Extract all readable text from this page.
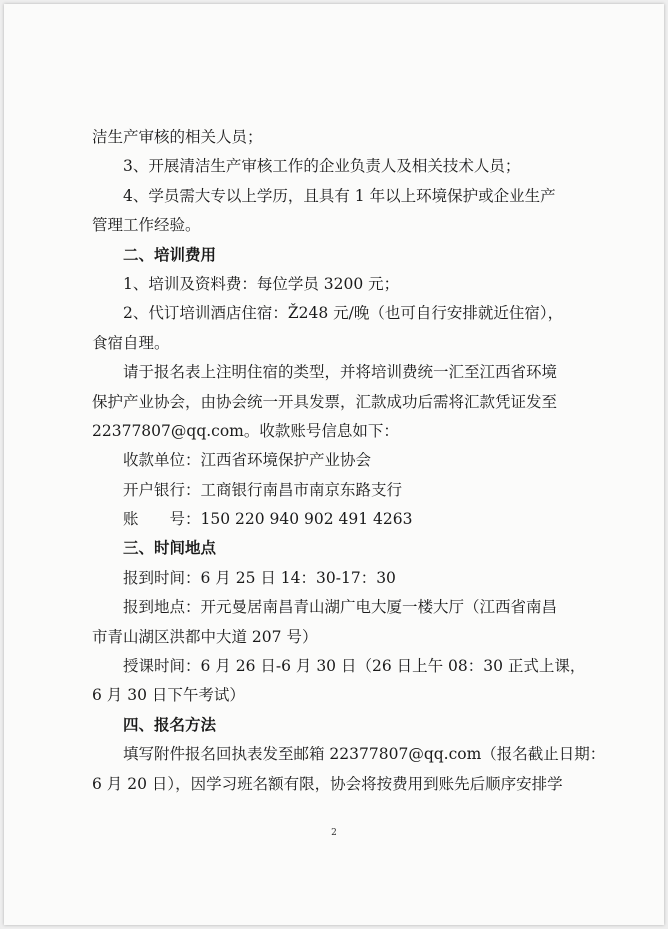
洁生产审核的相关人员；
3、开展清洁生产审核工作的企业负责人及相关技术人员；
4、学员需大专以上学历，且具有 1 年以上环境保护或企业生产
管理工作经验。
二、培训费用
1、培训及资料费：每位学员 3200 元；
2、代订培训酒店住宿：Ž248 元/晚（也可自行安排就近住宿），
食宿自理。
请于报名表上注明住宿的类型，并将培训费统一汇至江西省环境
保护产业协会，由协会统一开具发票，汇款成功后需将汇款凭证发至
22377807@qq.com。收款账号信息如下：
收款单位：江西省环境保护产业协会
开户银行：工商银行南昌市南京东路支行
账　　号：150 220 940 902 491 4263
三、时间地点
报到时间：6 月 25 日 14：30-17：30
报到地点：开元曼居南昌青山湖广电大厦一楼大厅（江西省南昌
市青山湖区洪都中大道 207 号）
授课时间：6 月 26 日-6 月 30 日（26 日上午 08：30 正式上课，
6 月 30 日下午考试）
四、报名方法
填写附件报名回执表发至邮箱 22377807@qq.com（报名截止日期：
6 月 20 日），因学习班名额有限，协会将按费用到账先后顺序安排学
2
